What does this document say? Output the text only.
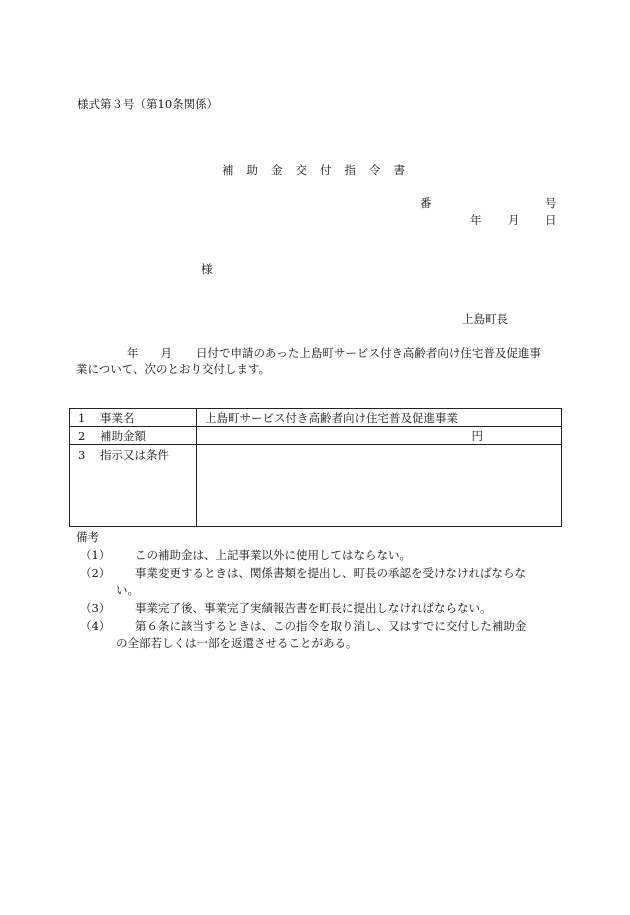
様式第３号（第10条関係）
補 助 金 交 付 指 令 書
番	号
年 月 日
様
上島町長
年 月 日付で申請のあった上島町サービス付き高齢者向け住宅普及促進事
業について、次のとおり交付します。
1 事業名	上島町サービス付き高齢者向け住宅普及促進事業
2 補助金額	円

3 指示又は条件	
備考
（1） この補助金は、上記事業以外に使用してはならない。
（2） 事業変更するときは、関係書類を提出し、町長の承認を受けなければならな
い。
（3） 事業完了後、事業完了実績報告書を町長に提出しなければならない。
（4） 第６条に該当するときは、この指令を取り消し、又はすでに交付した補助金
の全部若しくは一部を返還させることがある。
